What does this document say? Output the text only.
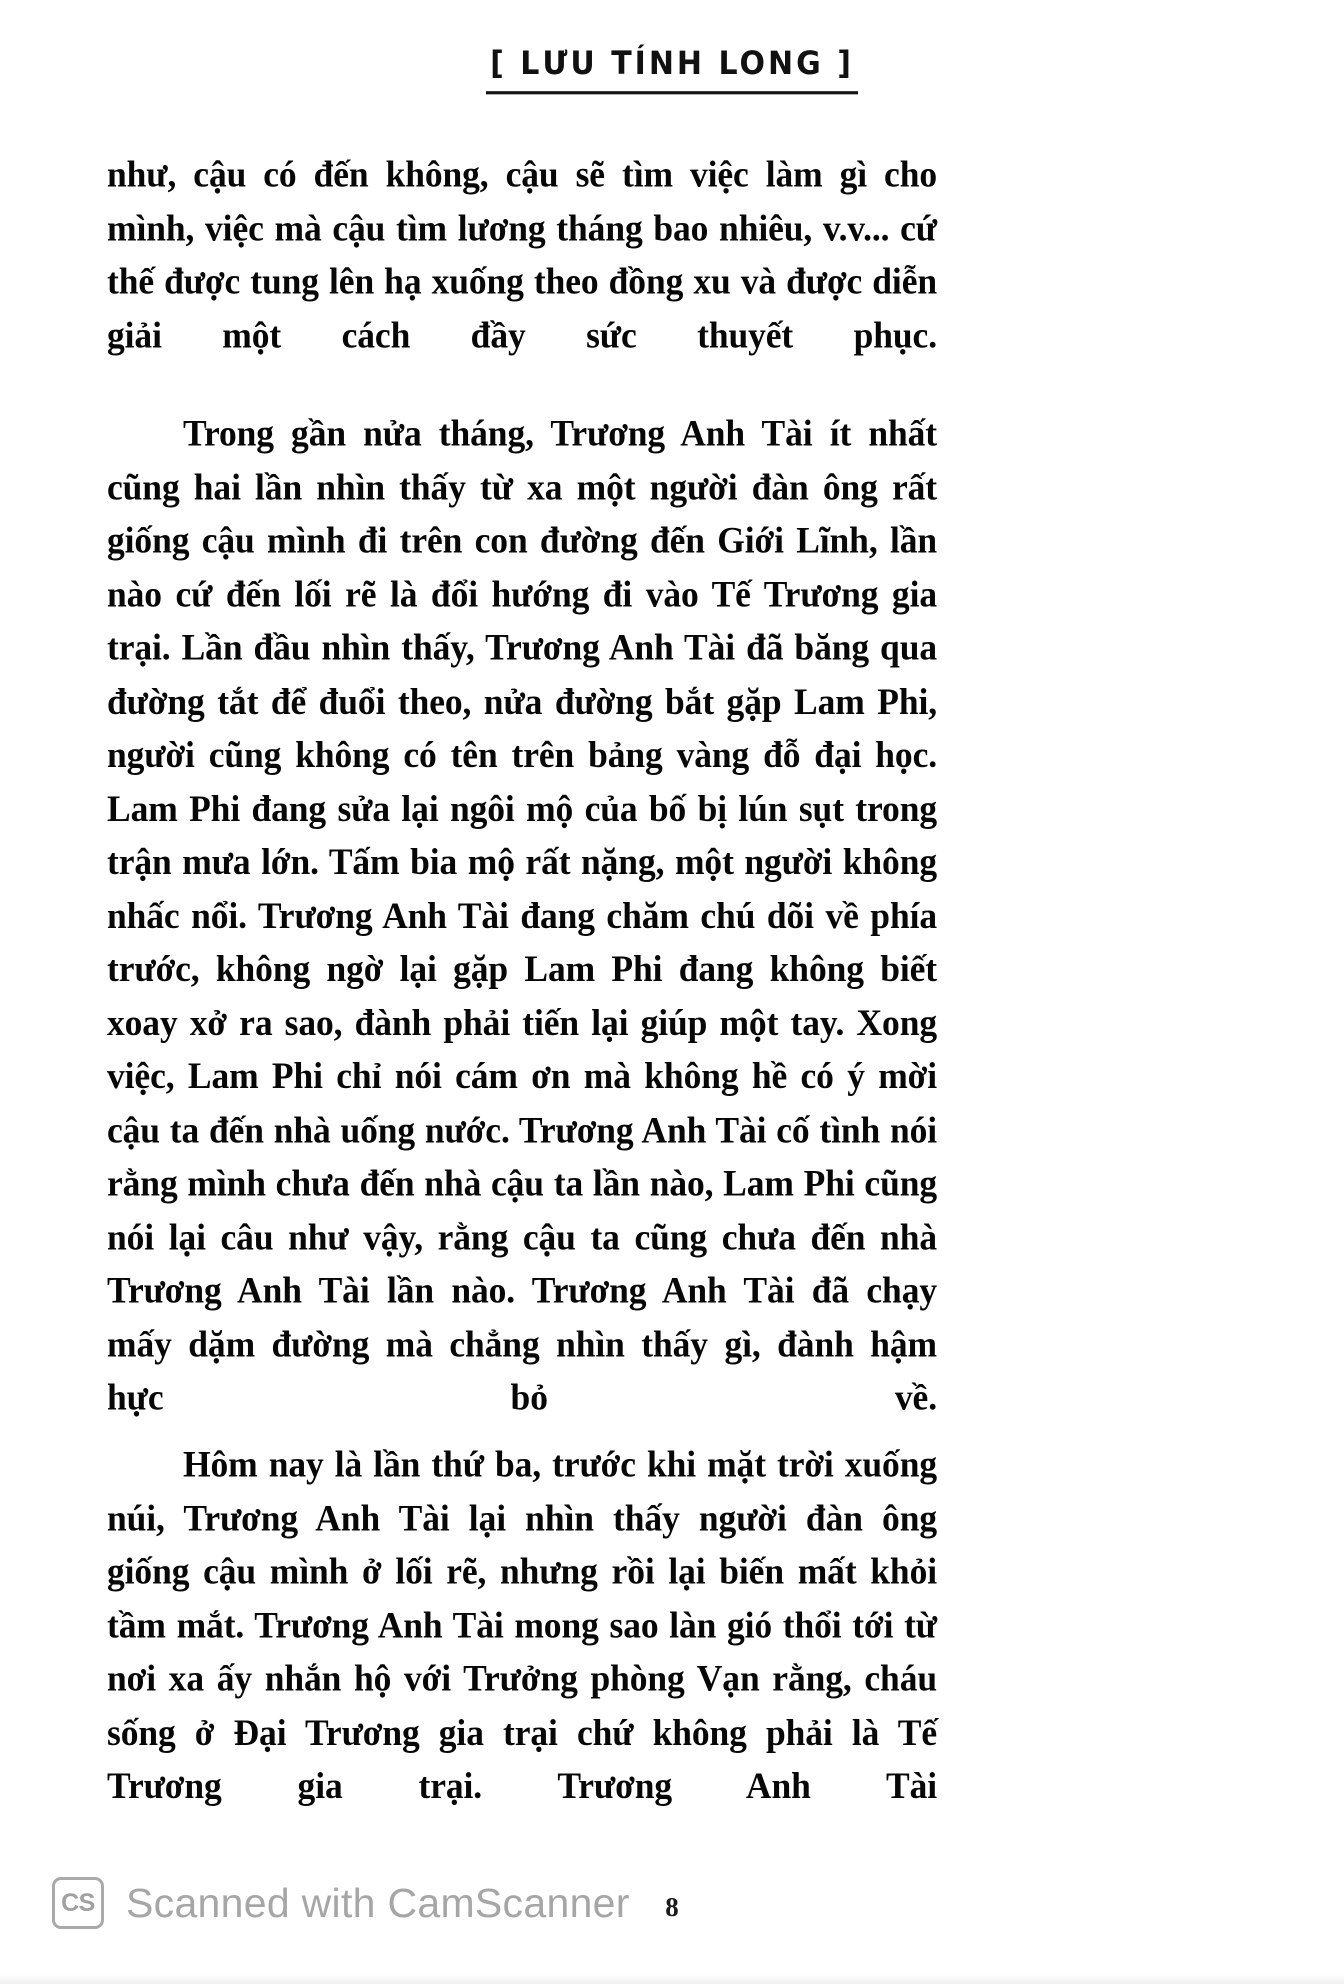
[ LƯU TÍNH LONG ]

như, cậu có đến không, cậu sẽ tìm việc làm gì cho mình, việc mà cậu tìm lương tháng bao nhiêu, v.v... cứ thế được tung lên hạ xuống theo đồng xu và được diễn giải một cách đầy sức thuyết phục.

Trong gần nửa tháng, Trương Anh Tài ít nhất cũng hai lần nhìn thấy từ xa một người đàn ông rất giống cậu mình đi trên con đường đến Giới Lĩnh, lần nào cứ đến lối rẽ là đổi hướng đi vào Tế Trương gia trại. Lần đầu nhìn thấy, Trương Anh Tài đã băng qua đường tắt để đuổi theo, nửa đường bắt gặp Lam Phi, người cũng không có tên trên bảng vàng đỗ đại học. Lam Phi đang sửa lại ngôi mộ của bố bị lún sụt trong trận mưa lớn. Tấm bia mộ rất nặng, một người không nhấc nổi. Trương Anh Tài đang chăm chú dõi về phía trước, không ngờ lại gặp Lam Phi đang không biết xoay xở ra sao, đành phải tiến lại giúp một tay. Xong việc, Lam Phi chỉ nói cám ơn mà không hề có ý mời cậu ta đến nhà uống nước. Trương Anh Tài cố tình nói rằng mình chưa đến nhà cậu ta lần nào, Lam Phi cũng nói lại câu như vậy, rằng cậu ta cũng chưa đến nhà Trương Anh Tài lần nào. Trương Anh Tài đã chạy mấy dặm đường mà chẳng nhìn thấy gì, đành hậm hực bỏ về.

Hôm nay là lần thứ ba, trước khi mặt trời xuống núi, Trương Anh Tài lại nhìn thấy người đàn ông giống cậu mình ở lối rẽ, nhưng rồi lại biến mất khỏi tầm mắt. Trương Anh Tài mong sao làn gió thổi tới từ nơi xa ấy nhắn hộ với Trưởng phòng Vạn rằng, cháu sống ở Đại Trương gia trại chứ không phải là Tế Trương gia trại. Trương Anh Tài

8
CS Scanned with CamScanner
